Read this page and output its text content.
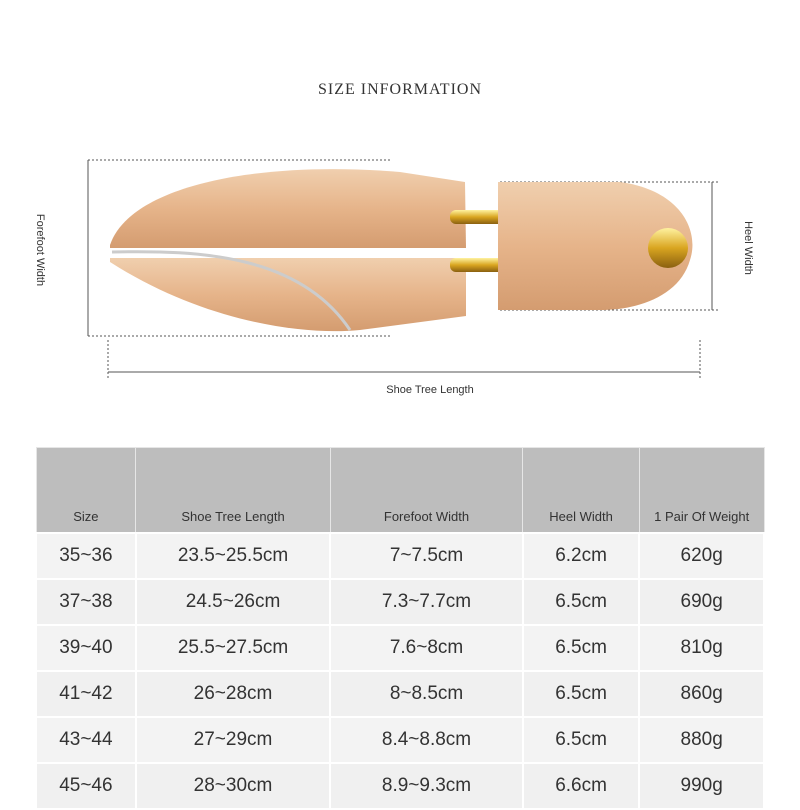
SIZE INFORMATION
Forefoot Width	Heel Width
Shoe Tree Length
Size	Shoe Tree Length	Forefoot Width	Heel Width	1 Pair Of Weight
35~36	23.5~25.5cm	7~7.5cm	6.2cm	620g
37~38	24.5~26cm	7.3~7.7cm	6.5cm	690g
39~40	25.5~27.5cm	7.6~8cm	6.5cm	810g
41~42	26~28cm	8~8.5cm	6.5cm	860g
43~44	27~29cm	8.4~8.8cm	6.5cm	880g
45~46	28~30cm	8.9~9.3cm	6.6cm	990g
